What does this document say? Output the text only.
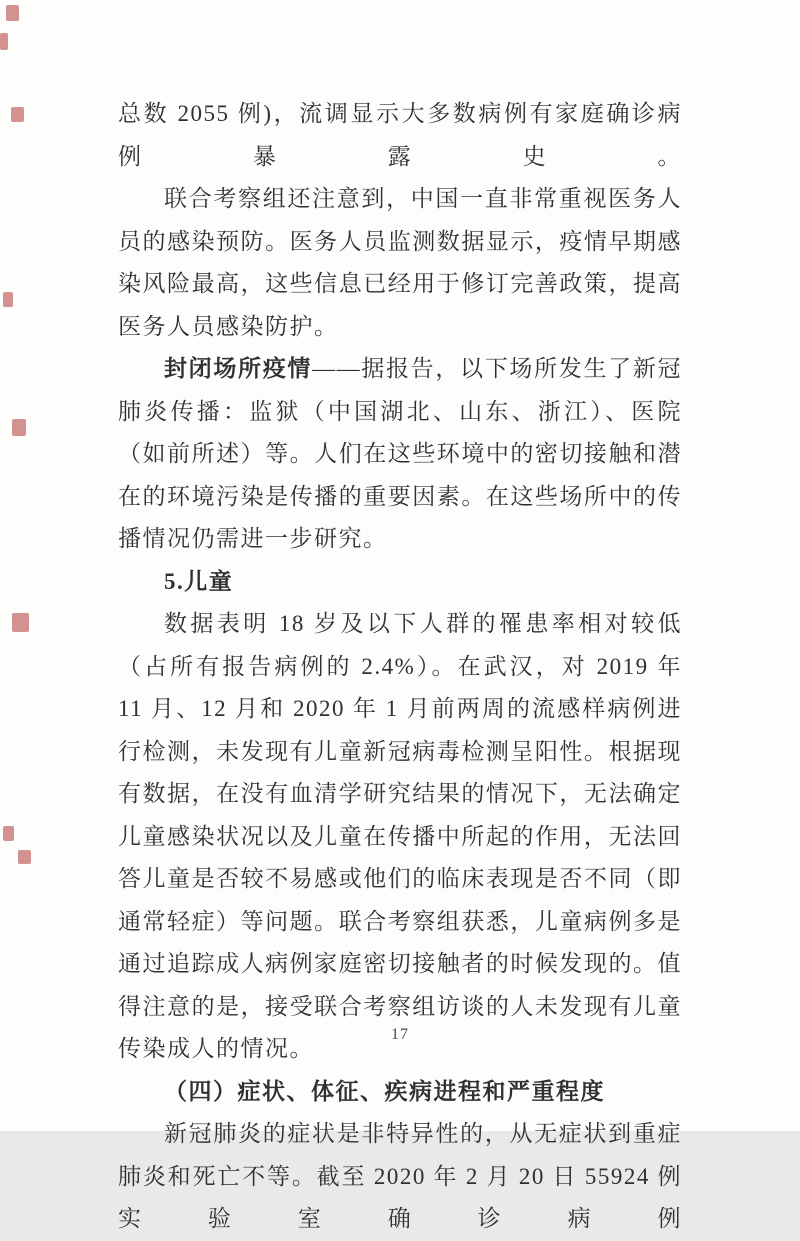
总数 2055 例)，流调显示大多数病例有家庭确诊病例暴露史。

联合考察组还注意到，中国一直非常重视医务人员的感染预防。医务人员监测数据显示，疫情早期感染风险最高，这些信息已经用于修订完善政策，提高医务人员感染防护。

封闭场所疫情——据报告，以下场所发生了新冠肺炎传播：监狱（中国湖北、山东、浙江）、医院（如前所述）等。人们在这些环境中的密切接触和潜在的环境污染是传播的重要因素。在这些场所中的传播情况仍需进一步研究。

5.儿童

数据表明 18 岁及以下人群的罹患率相对较低（占所有报告病例的 2.4%）。在武汉，对 2019 年 11 月、12 月和 2020 年 1 月前两周的流感样病例进行检测，未发现有儿童新冠病毒检测呈阳性。根据现有数据，在没有血清学研究结果的情况下，无法确定儿童感染状况以及儿童在传播中所起的作用，无法回答儿童是否较不易感或他们的临床表现是否不同（即通常轻症）等问题。联合考察组获悉，儿童病例多是通过追踪成人病例家庭密切接触者的时候发现的。值得注意的是，接受联合考察组访谈的人未发现有儿童传染成人的情况。

（四）症状、体征、疾病进程和严重程度

新冠肺炎的症状是非特异性的，从无症状到重症肺炎和死亡不等。截至 2020 年 2 月 20 日 55924 例实验室确诊病例

17
